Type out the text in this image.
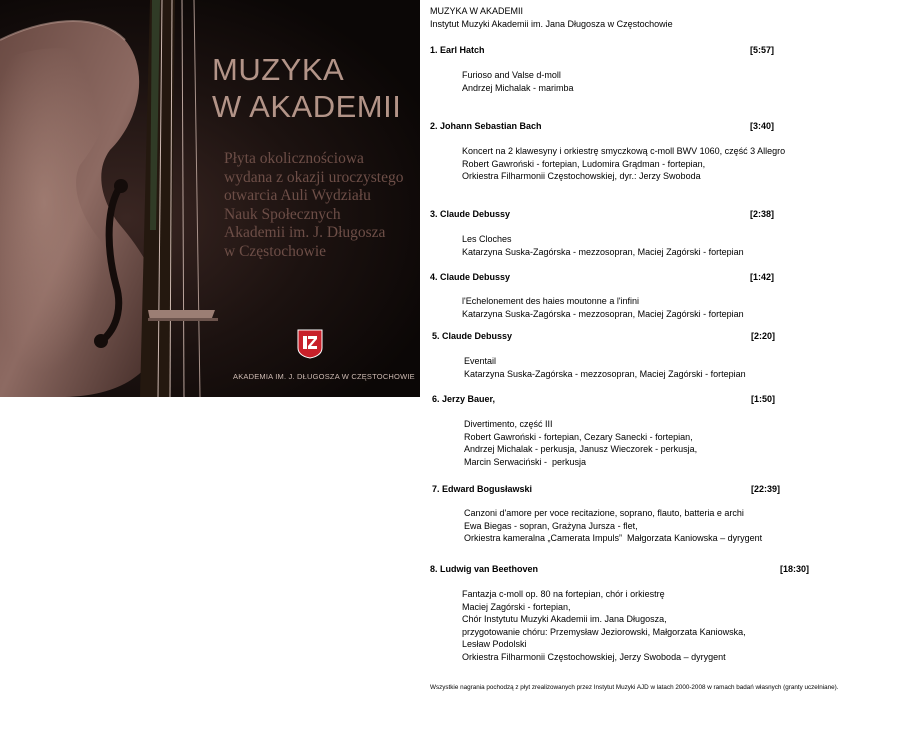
MUZYKA
W AKADEMII
Płyta okolicznościowa
wydana z okazji uroczystego
otwarcia Auli Wydziału
Nauk Społecznych
Akademii im. J. Długosza
w Częstochowie
AKADEMIA IM. J. DŁUGOSZA W CZĘSTOCHOWIE
MUZYKA W AKADEMII
Instytut Muzyki Akademii im. Jana Długosza w Częstochowie
1. Earl Hatch	[5:57]
Furioso and Valse d-moll
Andrzej Michalak - marimba
2. Johann Sebastian Bach	[3:40]
Koncert na 2 klawesyny i orkiestrę smyczkową c-moll BWV 1060, część 3 Allegro
Robert Gawroński - fortepian, Ludomira Grądman - fortepian,
Orkiestra Filharmonii Częstochowskiej, dyr.: Jerzy Swoboda
3. Claude Debussy	[2:38]
Les Cloches
Katarzyna Suska-Zagórska - mezzosopran, Maciej Zagórski - fortepian
4. Claude Debussy	[1:42]
l'Echelonement des haies moutonne a l'infini
Katarzyna Suska-Zagórska - mezzosopran, Maciej Zagórski - fortepian
5. Claude Debussy	[2:20]
Eventail
Katarzyna Suska-Zagórska - mezzosopran, Maciej Zagórski - fortepian
6. Jerzy Bauer,	[1:50]
Divertimento, część III
Robert Gawroński - fortepian, Cezary Sanecki - fortepian,
Andrzej Michalak - perkusja, Janusz Wieczorek - perkusja,
Marcin Serwaciński -  perkusja
7. Edward Bogusławski	[22:39]
Canzoni d'amore per voce recitazione, soprano, flauto, batteria e archi
Ewa Biegas - sopran, Grażyna Jursza - flet,
Orkiestra kameralna „Camerata Impuls”  Małgorzata Kaniowska – dyrygent
8. Ludwig van Beethoven	[18:30]
Fantazja c-moll op. 80 na fortepian, chór i orkiestrę
Maciej Zagórski - fortepian,
Chór Instytutu Muzyki Akademii im. Jana Długosza,
przygotowanie chóru: Przemysław Jeziorowski, Małgorzata Kaniowska,
Lesław Podolski
Orkiestra Filharmonii Częstochowskiej, Jerzy Swoboda – dyrygent
Wszystkie nagrania pochodzą z płyt zrealizowanych przez Instytut Muzyki AJD w latach 2000-2008 w ramach badań własnych (granty uczelniane).
